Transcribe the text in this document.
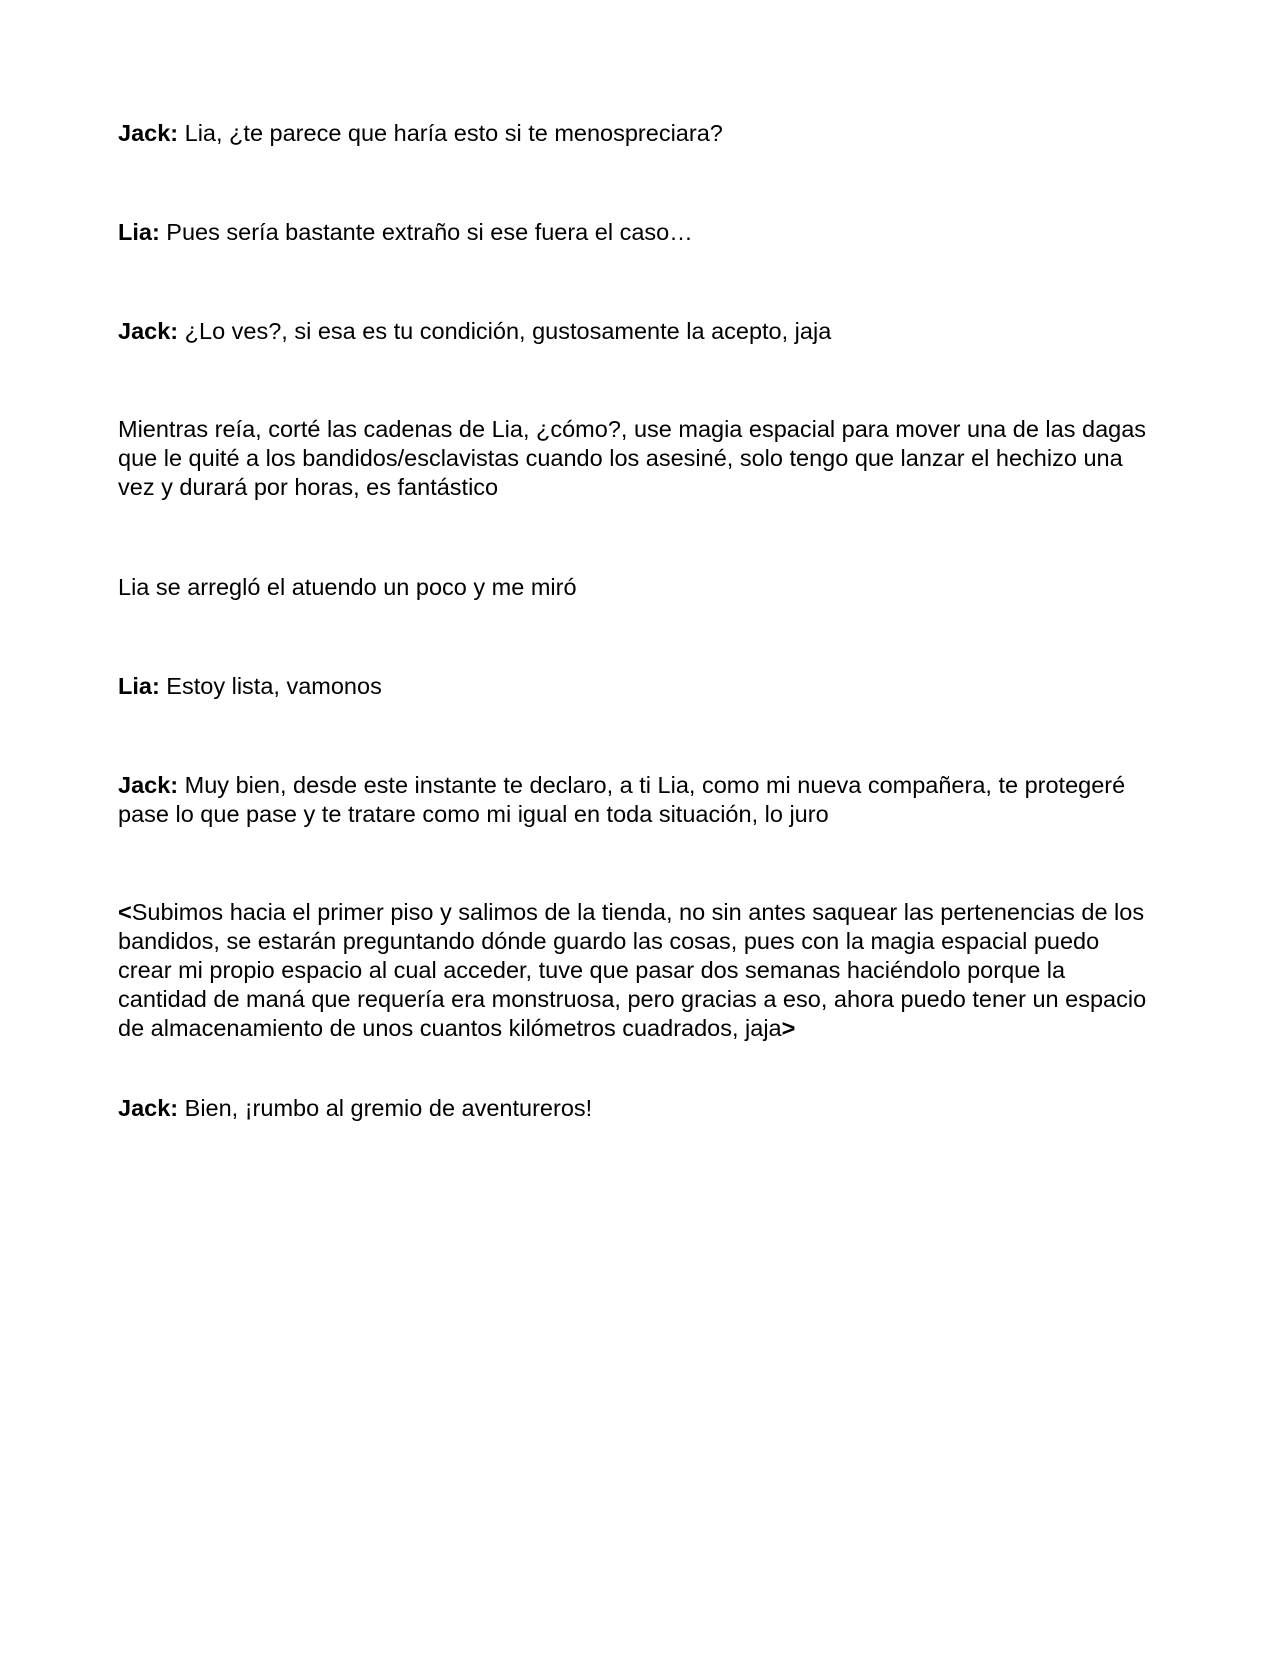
Jack: Lia, ¿te parece que haría esto si te menospreciara?

Lia: Pues sería bastante extraño si ese fuera el caso…

Jack: ¿Lo ves?, si esa es tu condición, gustosamente la acepto, jaja

Mientras reía, corté las cadenas de Lia, ¿cómo?, use magia espacial para mover una de las dagas que le quité a los bandidos/esclavistas cuando los asesiné, solo tengo que lanzar el hechizo una vez y durará por horas, es fantástico

Lia se arregló el atuendo un poco y me miró

Lia: Estoy lista, vamonos

Jack: Muy bien, desde este instante te declaro, a ti Lia, como mi nueva compañera, te protegeré pase lo que pase y te tratare como mi igual en toda situación, lo juro

<Subimos hacia el primer piso y salimos de la tienda, no sin antes saquear las pertenencias de los bandidos, se estarán preguntando dónde guardo las cosas, pues con la magia espacial puedo crear mi propio espacio al cual acceder, tuve que pasar dos semanas haciéndolo porque la cantidad de maná que requería era monstruosa, pero gracias a eso, ahora puedo tener un espacio de almacenamiento de unos cuantos kilómetros cuadrados, jaja>

Jack: Bien, ¡rumbo al gremio de aventureros!
